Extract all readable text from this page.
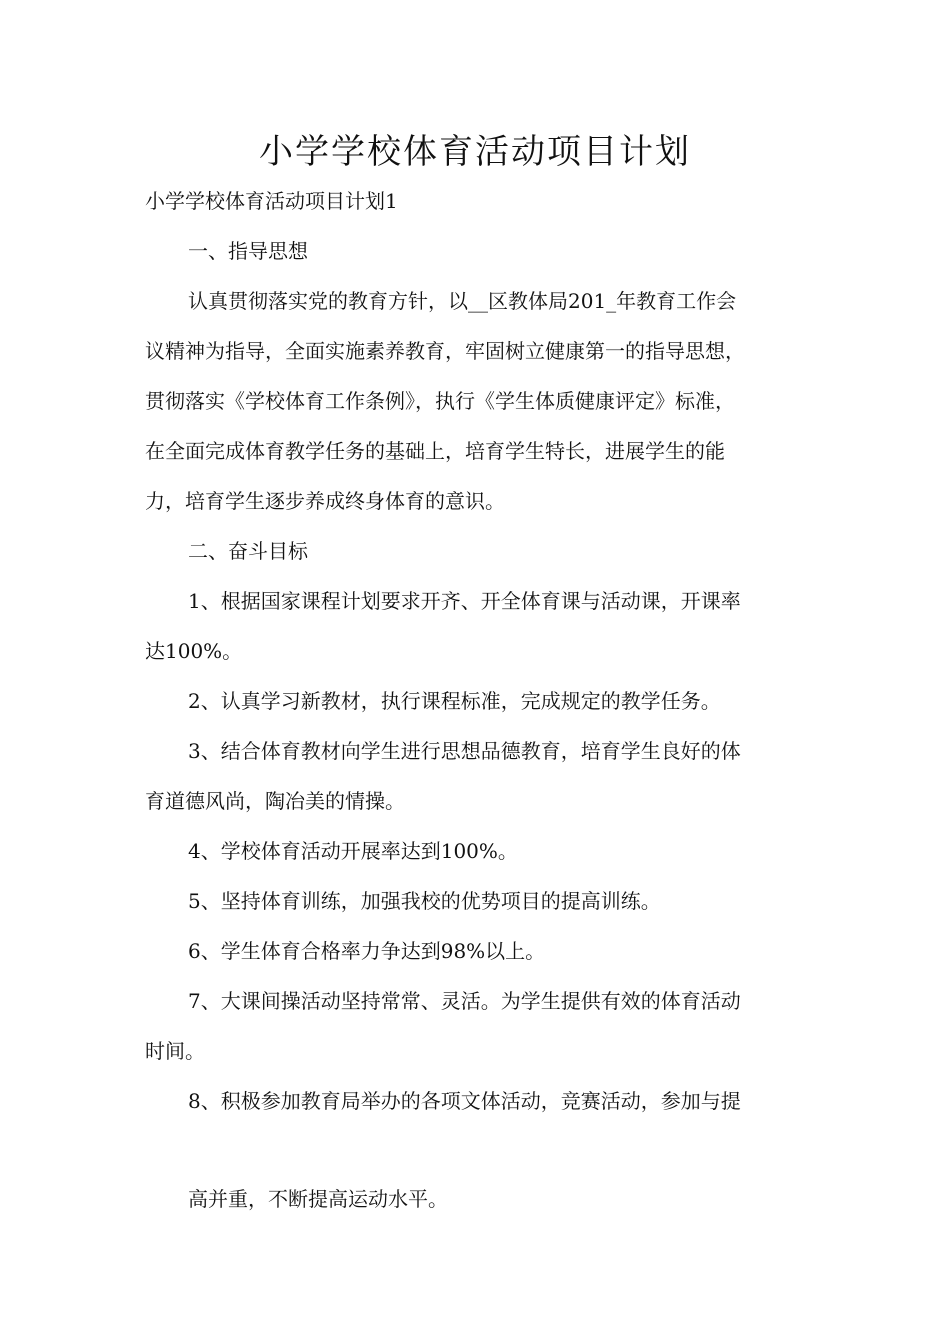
小学学校体育活动项目计划

小学学校体育活动项目计划1

一、指导思想

认真贯彻落实党的教育方针，以__区教体局201_年教育工作会

议精神为指导，全面实施素养教育，牢固树立健康第一的指导思想，

贯彻落实《学校体育工作条例》，执行《学生体质健康评定》标准，

在全面完成体育教学任务的基础上，培育学生特长，进展学生的能

力，培育学生逐步养成终身体育的意识。

二、奋斗目标

1、根据国家课程计划要求开齐、开全体育课与活动课，开课率

达100%。

2、认真学习新教材，执行课程标准，完成规定的教学任务。

3、结合体育教材向学生进行思想品德教育，培育学生良好的体

育道德风尚，陶冶美的情操。

4、学校体育活动开展率达到100%。

5、坚持体育训练，加强我校的优势项目的提高训练。

6、学生体育合格率力争达到98%以上。

7、大课间操活动坚持常常、灵活。为学生提供有效的体育活动

时间。

8、积极参加教育局举办的各项文体活动，竞赛活动，参加与提

高并重，不断提高运动水平。
